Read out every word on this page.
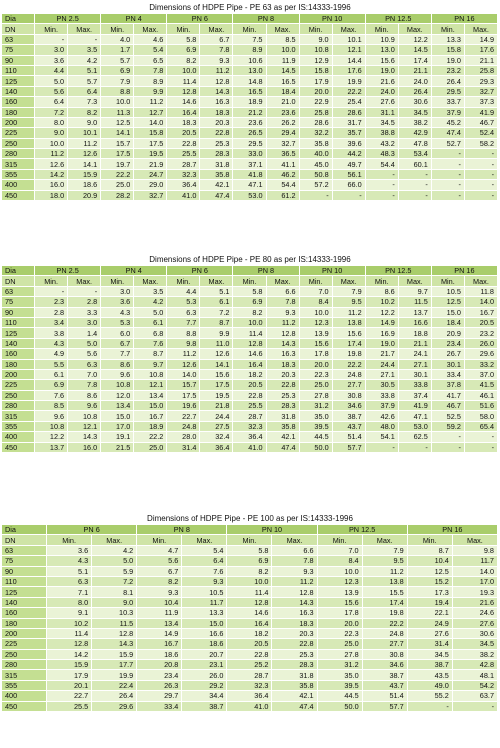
Dimensions of HDPE Pipe - PE 63 as per IS:14333-1996
Dia	PN 2.5		PN 4		PN 6		PN 8		PN 10		PN 12.5		PN 16	
DN	Min.	Max.	Min.	Max.	Min.	Max.	Min.	Max.	Min.	Max.	Min.	Max.	Min.	Max.
63	-	-	4.0	4.6	5.8	6.7	7.5	8.5	9.0	10.1	10.9	12.2	13.3	14.9
75	3.0	3.5	1.7	5.4	6.9	7.8	8.9	10.0	10.8	12.1	13.0	14.5	15.8	17.6
90	3.6	4.2	5.7	6.5	8.2	9.3	10.6	11.9	12.9	14.4	15.6	17.4	19.0	21.1
110	4.4	5.1	6.9	7.8	10.0	11.2	13.0	14.5	15.8	17.6	19.0	21.1	23.2	25.8
125	5.0	5.7	7.9	8.9	11.4	12.8	14.8	16.5	17.9	19.9	21.6	24.0	26.4	29.3
140	5.6	6.4	8.8	9.9	12.8	14.3	16.5	18.4	20.0	22.2	24.0	26.4	29.5	32.7
160	6.4	7.3	10.0	11.2	14.6	16.3	18.9	21.0	22.9	25.4	27.6	30.6	33.7	37.3
180	7.2	8.2	11.3	12.7	16.4	18.3	21.2	23.6	25.8	28.6	31.1	34.5	37.9	41.9
200	8.0	9.0	12.5	14.0	18.3	20.3	23.6	26.2	28.6	31.7	34.5	38.2	45.2	46.7
225	9.0	10.1	14.1	15.8	20.5	22.8	26.5	29.4	32.2	35.7	38.8	42.9	47.4	52.4
250	10.0	11.2	15.7	17.5	22.8	25.3	29.5	32.7	35.8	39.6	43.2	47.8	52.7	58.2
280	11.2	12.6	17.5	19.5	25.5	28.3	33.0	36.5	40.0	44.2	48.3	53.4	-	-
315	12.6	14.1	19.7	21.9	28.7	31.8	37.1	41.1	45.0	49.7	54.4	60.1	-	-
355	14.2	15.9	22.2	24.7	32.3	35.8	41.8	46.2	50.8	56.1	-	-	-	-
400	16.0	18.6	25.0	29.0	36.4	42.1	47.1	54.4	57.2	66.0	-	-	-	-
450	18.0	20.9	28.2	32.7	41.0	47.4	53.0	61.2	-	-	-	-	-	-
Dimensions of HDPE Pipe - PE 80 as per IS:14333-1996
Dia	PN 2.5		PN 4		PN 6		PN 8		PN 10		PN 12.5		PN 16	
DN	Min.	Max.	Min.	Max.	Min.	Max.	Min.	Max.	Min.	Max.	Min.	Max.	Min.	Max.
63	-	-	3.0	3.5	4.4	5.1	5.8	6.6	7.0	7.9	8.6	9.7	10.5	11.8
75	2.3	2.8	3.6	4.2	5.3	6.1	6.9	7.8	8.4	9.5	10.2	11.5	12.5	14.0
90	2.8	3.3	4.3	5.0	6.3	7.2	8.2	9.3	10.0	11.2	12.2	13.7	15.0	16.7
110	3.4	3.0	5.3	6.1	7.7	8.7	10.0	11.2	12.3	13.8	14.9	16.6	18.4	20.5
125	3.8	1.4	6.0	6.8	8.8	9.9	11.4	12.8	13.9	15.6	16.9	18.8	20.9	23.2
140	4.3	5.0	6.7	7.6	9.8	11.0	12.8	14.3	15.6	17.4	19.0	21.1	23.4	26.0
160	4.9	5.6	7.7	8.7	11.2	12.6	14.6	16.3	17.8	19.8	21.7	24.1	26.7	29.6
180	5.5	6.3	8.6	9.7	12.6	14.1	16.4	18.3	20.0	22.2	24.4	27.1	30.1	33.2
200	6.1	7.0	9.6	10.8	14.0	15.6	18.2	20.3	22.3	24.8	27.1	30.1	33.4	37.0
225	6.9	7.8	10.8	12.1	15.7	17.5	20.5	22.8	25.0	27.7	30.5	33.8	37.8	41.5
250	7.6	8.6	12.0	13.4	17.5	19.5	22.8	25.3	27.8	30.8	33.8	37.4	41.7	46.1
280	8.5	9.6	13.4	15.0	19.6	21.8	25.5	28.3	31.2	34.6	37.9	41.9	46.7	51.6
315	9.6	10.8	15.0	16.7	22.7	24.4	28.7	31.8	35.0	38.7	42.6	47.1	52.5	58.0
355	10.8	12.1	17.0	18.9	24.8	27.5	32.3	35.8	39.5	43.7	48.0	53.0	59.2	65.4
400	12.2	14.3	19.1	22.2	28.0	32.4	36.4	42.1	44.5	51.4	54.1	62.5	-	-
450	13.7	16.0	21.5	25.0	31.4	36.4	41.0	47.4	50.0	57.7	-	-	-	-
Dimensions of HDPE Pipe - PE 100 as per IS:14333-1996
Dia	PN 6		PN 8		PN 10		PN 12.5		PN 16	
DN	Min.	Max.	Min.	Max.	Min.	Max.	Min.	Max.	Min.	Max.
63	3.6	4.2	4.7	5.4	5.8	6.6	7.0	7.9	8.7	9.8
75	4.3	5.0	5.6	6.4	6.9	7.8	8.4	9.5	10.4	11.7
90	5.1	5.9	6.7	7.6	8.2	9.3	10.0	11.2	12.5	14.0
110	6.3	7.2	8.2	9.3	10.0	11.2	12.3	13.8	15.2	17.0
125	7.1	8.1	9.3	10.5	11.4	12.8	13.9	15.5	17.3	19.3
140	8.0	9.0	10.4	11.7	12.8	14.3	15.6	17.4	19.4	21.6
160	9.1	10.3	11.9	13.3	14.6	16.3	17.8	19.8	22.1	24.6
180	10.2	11.5	13.4	15.0	16.4	18.3	20.0	22.2	24.9	27.6
200	11.4	12.8	14.9	16.6	18.2	20.3	22.3	24.8	27.6	30.6
225	12.8	14.3	16.7	18.6	20.5	22.8	25.0	27.7	31.4	34.5
250	14.2	15.9	18.6	20.7	22.8	25.3	27.8	30.8	34.5	38.2
280	15.9	17.7	20.8	23.1	25.2	28.3	31.2	34.6	38.7	42.8
315	17.9	19.9	23.4	26.0	28.7	31.8	35.0	38.7	43.5	48.1
355	20.1	22.4	26.3	29.2	32.3	35.8	39.5	43.7	49.0	54.2
400	22.7	26.4	29.7	34.4	36.4	42.1	44.5	51.4	55.2	63.7
450	25.5	29.6	33.4	38.7	41.0	47.4	50.0	57.7	-	-
